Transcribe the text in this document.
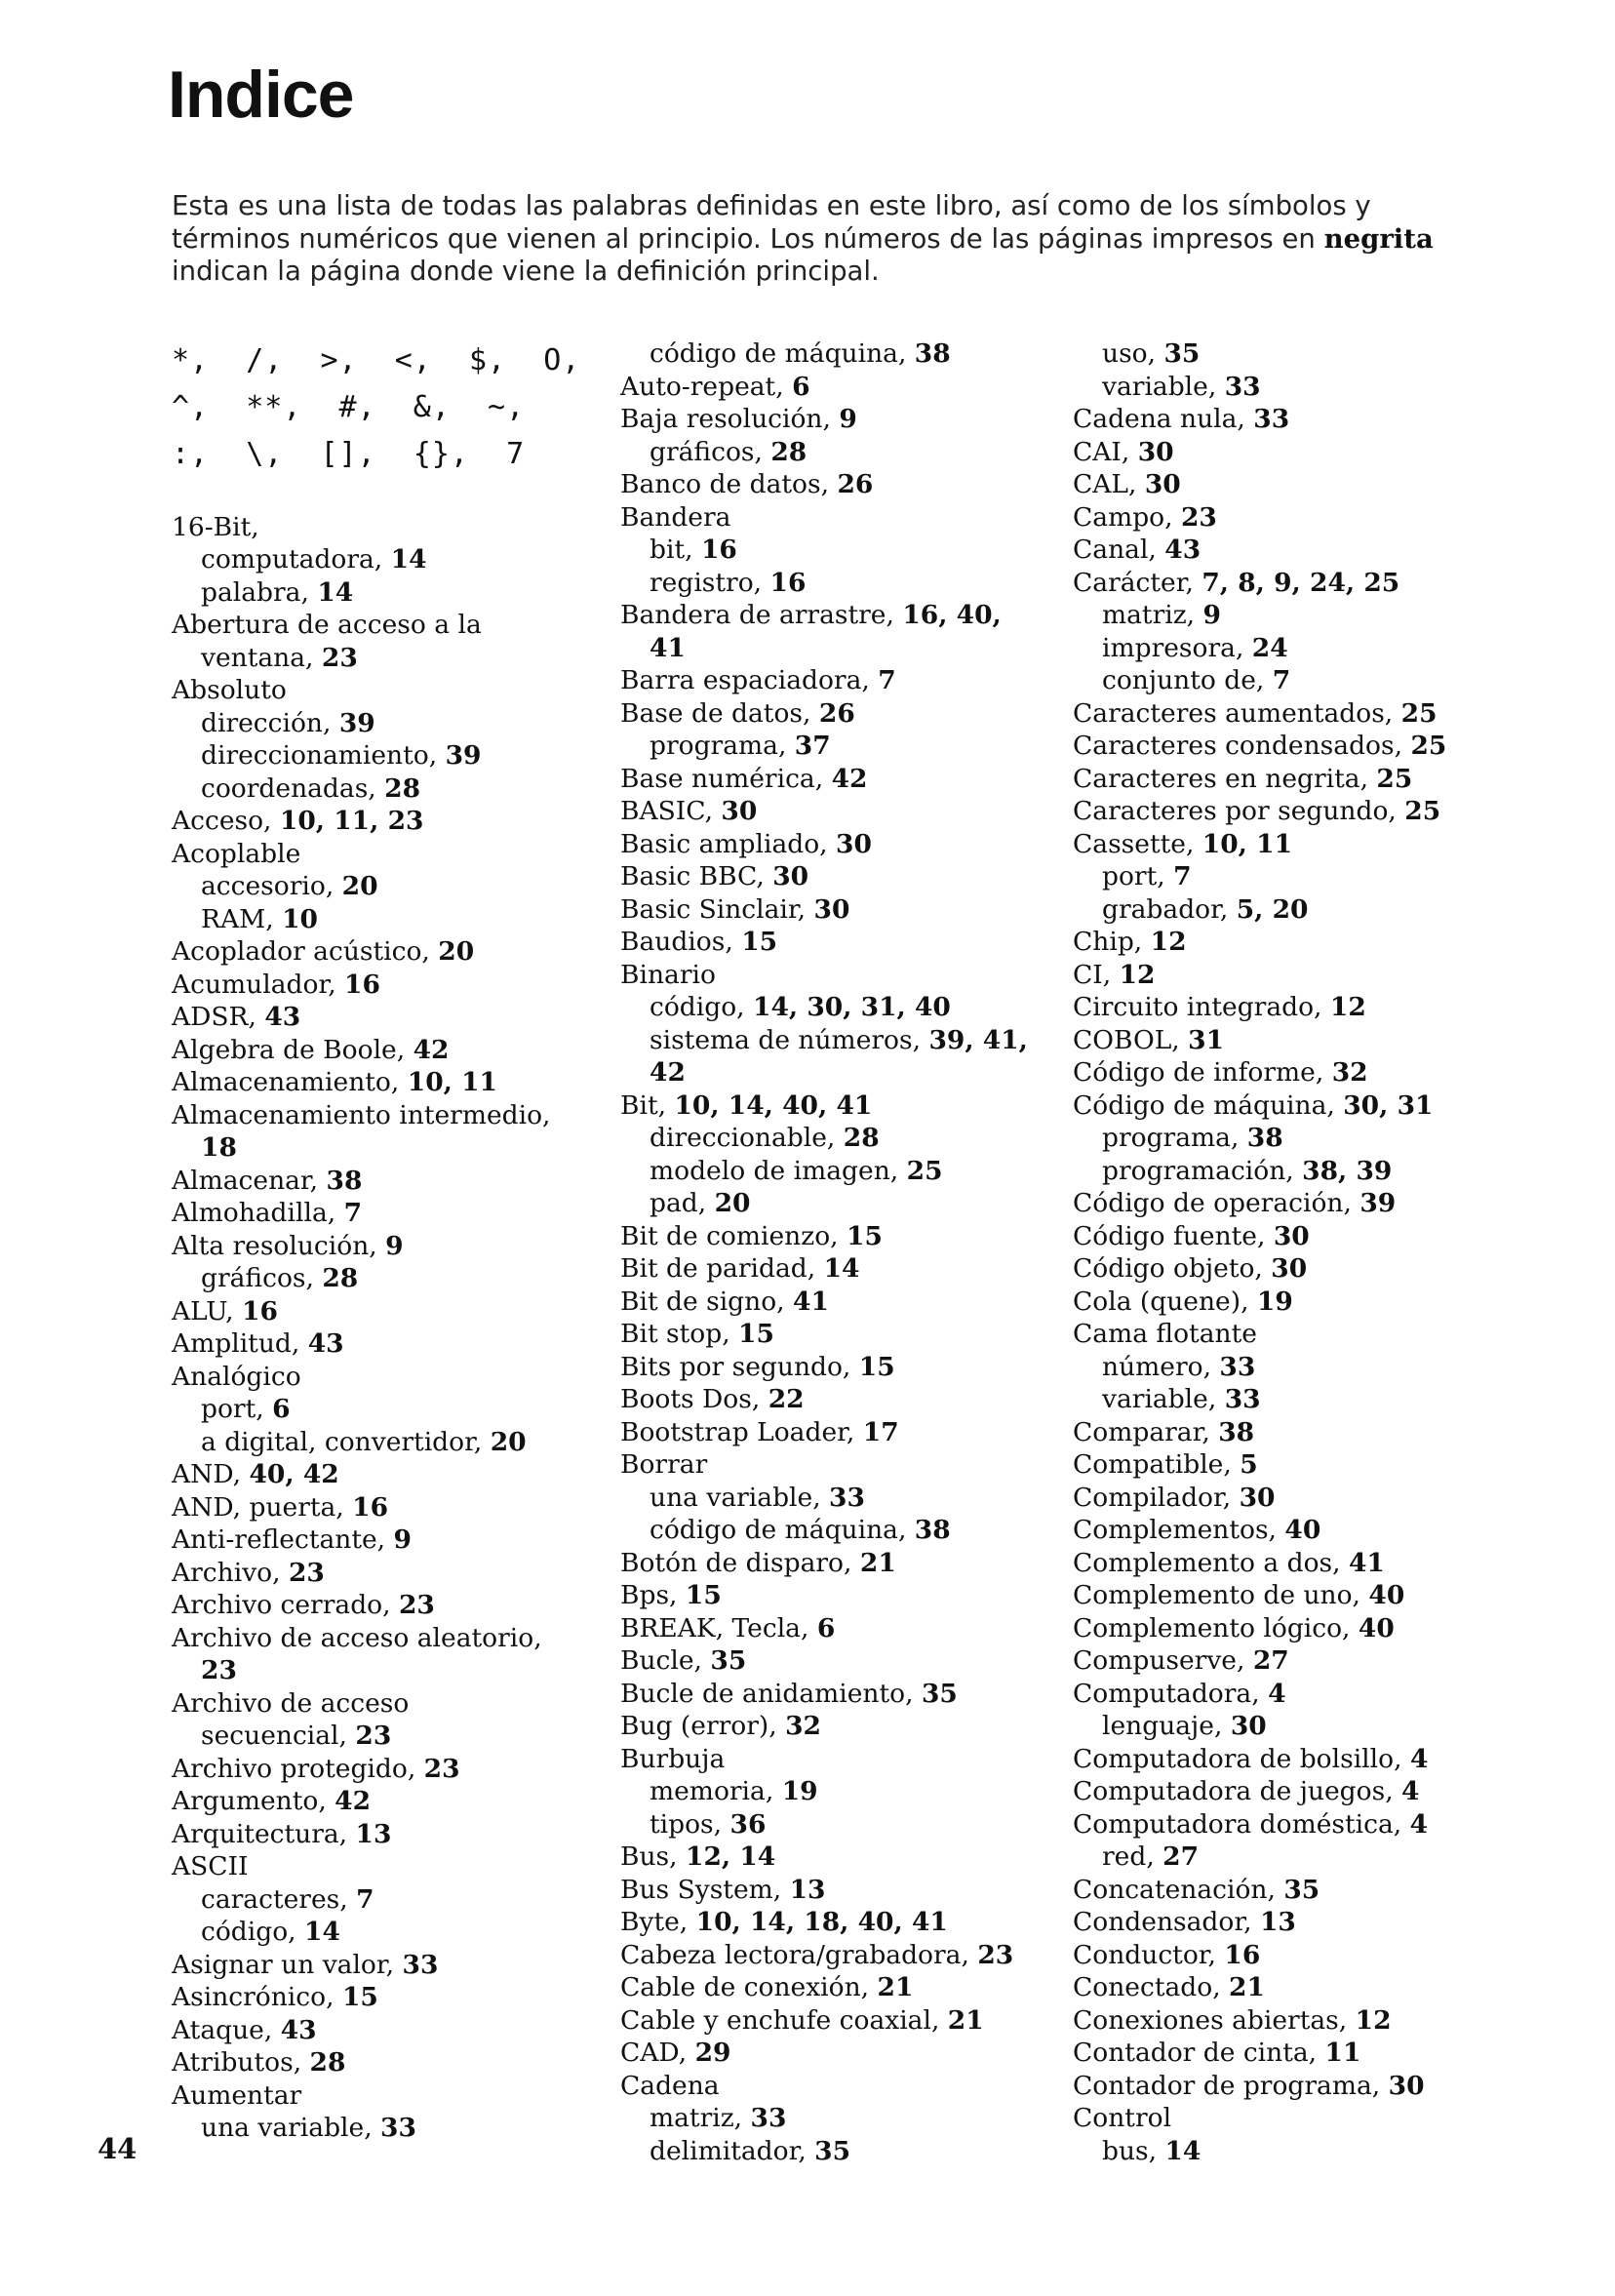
Indice

Esta es una lista de todas las palabras definidas en este libro, así como de los símbolos y términos numéricos que vienen al principio. Los números de las páginas impresos en negrita indican la página donde viene la definición principal.

*,  /,  >,  <,  $,  O,
^,  **,  #,  &,  ~,
:,  \,  [],  {},  7
16-Bit,
computadora, 14
palabra, 14
Abertura de acceso a la
ventana, 23
Absoluto
dirección, 39
direccionamiento, 39
coordenadas, 28
Acceso, 10, 11, 23
Acoplable
accesorio, 20
RAM, 10
Acoplador acústico, 20
Acumulador, 16
ADSR, 43
Algebra de Boole, 42
Almacenamiento, 10, 11
Almacenamiento intermedio,
18
Almacenar, 38
Almohadilla, 7
Alta resolución, 9
gráficos, 28
ALU, 16
Amplitud, 43
Analógico
port, 6
a digital, convertidor, 20
AND, 40, 42
AND, puerta, 16
Anti-reflectante, 9
Archivo, 23
Archivo cerrado, 23
Archivo de acceso aleatorio,
23
Archivo de acceso
secuencial, 23
Archivo protegido, 23
Argumento, 42
Arquitectura, 13
ASCII
caracteres, 7
código, 14
Asignar un valor, 33
Asincrónico, 15
Ataque, 43
Atributos, 28
Aumentar
una variable, 33
código de máquina, 38
Auto-repeat, 6
Baja resolución, 9
gráficos, 28
Banco de datos, 26
Bandera
bit, 16
registro, 16
Bandera de arrastre, 16, 40,
41
Barra espaciadora, 7
Base de datos, 26
programa, 37
Base numérica, 42
BASIC, 30
Basic ampliado, 30
Basic BBC, 30
Basic Sinclair, 30
Baudios, 15
Binario
código, 14, 30, 31, 40
sistema de números, 39, 41,
42
Bit, 10, 14, 40, 41
direccionable, 28
modelo de imagen, 25
pad, 20
Bit de comienzo, 15
Bit de paridad, 14
Bit de signo, 41
Bit stop, 15
Bits por segundo, 15
Boots Dos, 22
Bootstrap Loader, 17
Borrar
una variable, 33
código de máquina, 38
Botón de disparo, 21
Bps, 15
BREAK, Tecla, 6
Bucle, 35
Bucle de anidamiento, 35
Bug (error), 32
Burbuja
memoria, 19
tipos, 36
Bus, 12, 14
Bus System, 13
Byte, 10, 14, 18, 40, 41
Cabeza lectora/grabadora, 23
Cable de conexión, 21
Cable y enchufe coaxial, 21
CAD, 29
Cadena
matriz, 33
delimitador, 35
uso, 35
variable, 33
Cadena nula, 33
CAI, 30
CAL, 30
Campo, 23
Canal, 43
Carácter, 7, 8, 9, 24, 25
matriz, 9
impresora, 24
conjunto de, 7
Caracteres aumentados, 25
Caracteres condensados, 25
Caracteres en negrita, 25
Caracteres por segundo, 25
Cassette, 10, 11
port, 7
grabador, 5, 20
Chip, 12
CI, 12
Circuito integrado, 12
COBOL, 31
Código de informe, 32
Código de máquina, 30, 31
programa, 38
programación, 38, 39
Código de operación, 39
Código fuente, 30
Código objeto, 30
Cola (quene), 19
Cama flotante
número, 33
variable, 33
Comparar, 38
Compatible, 5
Compilador, 30
Complementos, 40
Complemento a dos, 41
Complemento de uno, 40
Complemento lógico, 40
Compuserve, 27
Computadora, 4
lenguaje, 30
Computadora de bolsillo, 4
Computadora de juegos, 4
Computadora doméstica, 4
red, 27
Concatenación, 35
Condensador, 13
Conductor, 16
Conectado, 21
Conexiones abiertas, 12
Contador de cinta, 11
Contador de programa, 30
Control
bus, 14
44
